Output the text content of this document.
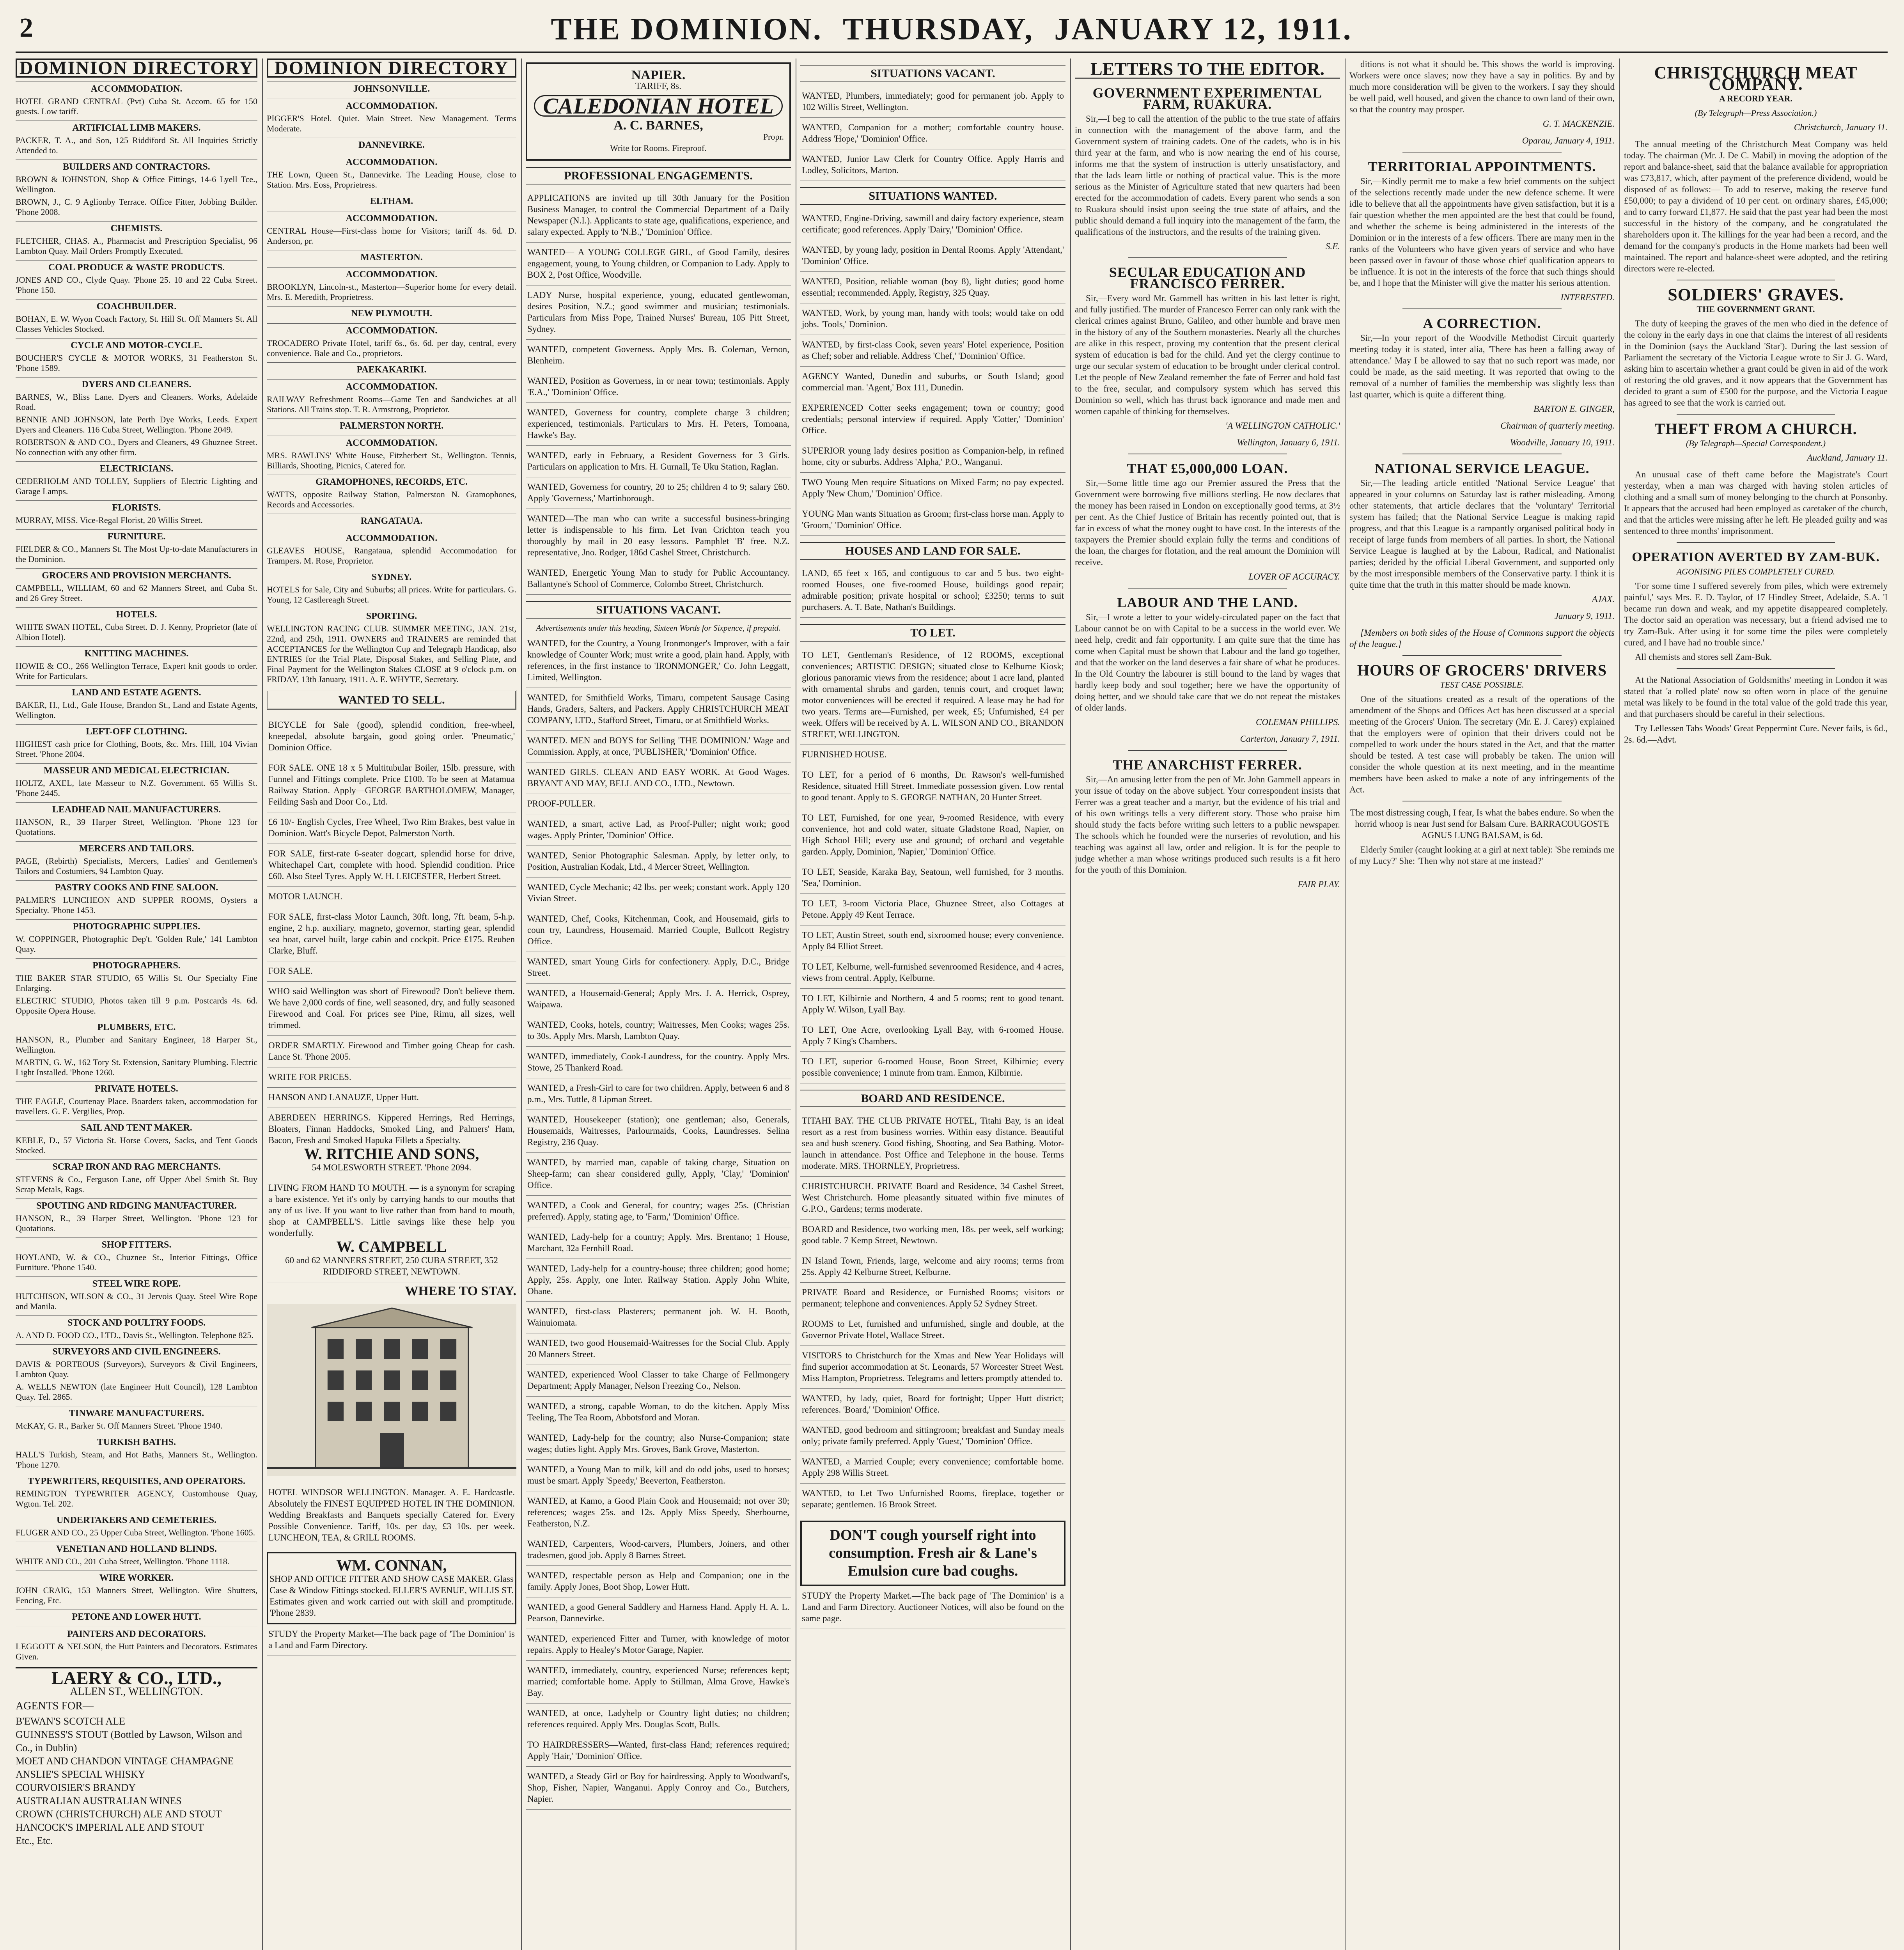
2	THE DOMINION. THURSDAY, JANUARY 12, 1911.
DOMINION DIRECTORY
ACCOMMODATION.
HOTEL GRAND CENTRAL (Pvt) Cuba St. Accom. 65 for 150 guests. Low tariff.
ARTIFICIAL LIMB MAKERS.
PACKER, T. A., and Son, 125 Riddiford St. All Inquiries Strictly Attended to.
BUILDERS AND CONTRACTORS.
BROWN & JOHNSTON, Shop & Office Fittings, 14-6 Lyell Tce., Wellington.
BROWN, J., C. 9 Aglionby Terrace. Office Fitter, Jobbing Builder. 'Phone 2008.
CHEMISTS.
FLETCHER, CHAS. A., Pharmacist and Prescription Specialist, 96 Lambton Quay. Mail Orders Promptly Executed.
COAL PRODUCE & WASTE PRODUCTS.
JONES AND CO., Clyde Quay. 'Phone 25. 10 and 22 Cuba Street. 'Phone 150.
COACHBUILDER.
BOHAN, E. W. Wyon Coach Factory, St. Hill St. Off Manners St. All Classes Vehicles Stocked.
CYCLE AND MOTOR-CYCLE.
BOUCHER'S CYCLE & MOTOR WORKS, 31 Featherston St. 'Phone 1589.
DYERS AND CLEANERS.
BARNES, W., Bliss Lane. Dyers and Cleaners. Works, Adelaide Road.
BENNIE AND JOHNSON, late Perth Dye Works, Leeds. Expert Dyers and Cleaners. 116 Cuba Street, Wellington. 'Phone 2049.
ROBERTSON & AND CO., Dyers and Cleaners, 49 Ghuznee Street. No connection with any other firm.
ELECTRICIANS.
CEDERHOLM AND TOLLEY, Suppliers of Electric Lighting and Garage Lamps.
FLORISTS.
MURRAY, MISS. Vice-Regal Florist, 20 Willis Street.
FURNITURE.
FIELDER & CO., Manners St. The Most Up-to-date Manufacturers in the Dominion.
GROCERS AND PROVISION MERCHANTS.
CAMPBELL, WILLIAM, 60 and 62 Manners Street, and Cuba St. and 26 Grey Street.
HOTELS.
WHITE SWAN HOTEL, Cuba Street. D. J. Kenny, Proprietor (late of Albion Hotel).
KNITTING MACHINES.
HOWIE & CO., 266 Wellington Terrace, Expert knit goods to order. Write for Particulars.
LAND AND ESTATE AGENTS.
BAKER, H., Ltd., Gale House, Brandon St., Land and Estate Agents, Wellington.
LEFT-OFF CLOTHING.
HIGHEST cash price for Clothing, Boots, &c. Mrs. Hill, 104 Vivian Street. 'Phone 2004.
MASSEUR AND MEDICAL ELECTRICIAN.
HOLTZ, AXEL, late Masseur to N.Z. Government. 65 Willis St. 'Phone 2445.
LEADHEAD NAIL MANUFACTURERS.
HANSON, R., 39 Harper Street, Wellington. 'Phone 123 for Quotations.
MERCERS AND TAILORS.
PAGE, (Rebirth) Specialists, Mercers, Ladies' and Gentlemen's Tailors and Costumiers, 94 Lambton Quay.
PASTRY COOKS AND FINE SALOON.
PALMER'S LUNCHEON AND SUPPER ROOMS, Oysters a Specialty. 'Phone 1453.
PHOTOGRAPHIC SUPPLIES.
W. COPPINGER, Photographic Dep't. 'Golden Rule,' 141 Lambton Quay.
PHOTOGRAPHERS.
THE BAKER STAR STUDIO, 65 Willis St. Our Specialty Fine Enlarging.
ELECTRIC STUDIO, Photos taken till 9 p.m. Postcards 4s. 6d. Opposite Opera House.
PLUMBERS, ETC.
HANSON, R., Plumber and Sanitary Engineer, 18 Harper St., Wellington.
MARTIN, G. W., 162 Tory St. Extension, Sanitary Plumbing. Electric Light Installed. 'Phone 1260.
PRIVATE HOTELS.
THE EAGLE, Courtenay Place. Boarders taken, accommodation for travellers. G. E. Vergilies, Prop.
SAIL AND TENT MAKER.
KEBLE, D., 57 Victoria St. Horse Covers, Sacks, and Tent Goods Stocked.
SCRAP IRON AND RAG MERCHANTS.
STEVENS & Co., Ferguson Lane, off Upper Abel Smith St. Buy Scrap Metals, Rags.
SPOUTING AND RIDGING MANUFACTURER.
HANSON, R., 39 Harper Street, Wellington. 'Phone 123 for Quotations.
SHOP FITTERS.
HOYLAND, W. & CO., Chuznee St., Interior Fittings, Office Furniture. 'Phone 1540.
STEEL WIRE ROPE.
HUTCHISON, WILSON & CO., 31 Jervois Quay. Steel Wire Rope and Manila.
STOCK AND POULTRY FOODS.
A. AND D. FOOD CO., LTD., Davis St., Wellington. Telephone 825.
SURVEYORS AND CIVIL ENGINEERS.
DAVIS & PORTEOUS (Surveyors), Surveyors & Civil Engineers, Lambton Quay.
A. WELLS NEWTON (late Engineer Hutt Council), 128 Lambton Quay. Tel. 2865.
TINWARE MANUFACTURERS.
McKAY, G. R., Barker St. Off Manners Street. 'Phone 1940.
TURKISH BATHS.
HALL'S Turkish, Steam, and Hot Baths, Manners St., Wellington. 'Phone 1270.
TYPEWRITERS, REQUISITES, AND OPERATORS.
REMINGTON TYPEWRITER AGENCY, Customhouse Quay, Wgton. Tel. 202.
UNDERTAKERS AND CEMETERIES.
FLUGER AND CO., 25 Upper Cuba Street, Wellington. 'Phone 1605.
VENETIAN AND HOLLAND BLINDS.
WHITE AND CO., 201 Cuba Street, Wellington. 'Phone 1118.
WIRE WORKER.
JOHN CRAIG, 153 Manners Street, Wellington. Wire Shutters, Fencing, Etc.
PETONE AND LOWER HUTT.
PAINTERS AND DECORATORS.
LEGGOTT & NELSON, the Hutt Painters and Decorators. Estimates Given.
LAERY & CO., LTD.,
ALLEN ST., WELLINGTON.
AGENTS FOR—
B'EWAN'S SCOTCH ALE
GUINNESS'S STOUT (Bottled by Lawson, Wilson and Co., in Dublin)
MOET AND CHANDON VINTAGE CHAMPAGNE
ANSLIE'S SPECIAL WHISKY
COURVOISIER'S BRANDY
AUSTRALIAN AUSTRALIAN WINES
CROWN (CHRISTCHURCH) ALE AND STOUT
HANCOCK'S IMPERIAL ALE AND STOUT
Etc., Etc.
DOMINION DIRECTORY
JOHNSONVILLE.
ACCOMMODATION.
PIGGER'S Hotel. Quiet. Main Street. New Management. Terms Moderate.
DANNEVIRKE.
ACCOMMODATION.
THE Lown, Queen St., Dannevirke. The Leading House, close to Station. Mrs. Eoss, Proprietress.
ELTHAM.
ACCOMMODATION.
CENTRAL House—First-class home for Visitors; tariff 4s. 6d. D. Anderson, pr.
MASTERTON.
ACCOMMODATION.
BROOKLYN, Lincoln-st., Masterton—Superior home for every detail. Mrs. E. Meredith, Proprietress.
NEW PLYMOUTH.
ACCOMMODATION.
TROCADERO Private Hotel, tariff 6s., 6s. 6d. per day, central, every convenience. Bale and Co., proprietors.
PAEKAKARIKI.
ACCOMMODATION.
RAILWAY Refreshment Rooms—Game Ten and Sandwiches at all Stations. All Trains stop. T. R. Armstrong, Proprietor.
PALMERSTON NORTH.
ACCOMMODATION.
MRS. RAWLINS' White House, Fitzherbert St., Wellington. Tennis, Billiards, Shooting, Picnics, Catered for.
GRAMOPHONES, RECORDS, ETC.
WATTS, opposite Railway Station, Palmerston N. Gramophones, Records and Accessories.
RANGATAUA.
ACCOMMODATION.
GLEAVES HOUSE, Rangataua, splendid Accommodation for Trampers. M. Rose, Proprietor.
SYDNEY.
HOTELS for Sale, City and Suburbs; all prices. Write for particulars. G. Young, 12 Castlereagh Street.
SPORTING.
WELLINGTON RACING CLUB. SUMMER MEETING, JAN. 21st, 22nd, and 25th, 1911. OWNERS and TRAINERS are reminded that ACCEPTANCES for the Wellington Cup and Telegraph Handicap, also ENTRIES for the Trial Plate, Disposal Stakes, and Selling Plate, and Final Payment for the Wellington Stakes CLOSE at 9 o'clock p.m. on FRIDAY, 13th January, 1911. A. E. WHYTE, Secretary.
WANTED TO SELL.
BICYCLE for Sale (good), splendid condition, free-wheel, kneepedal, absolute bargain, good going order. 'Pneumatic,' Dominion Office.
FOR SALE. ONE 18 x 5 Multitubular Boiler, 15lb. pressure, with Funnel and Fittings complete. Price £100. To be seen at Matamua Railway Station. Apply—GEORGE BARTHOLOMEW, Manager, Feilding Sash and Door Co., Ltd.
£6 10/- English Cycles, Free Wheel, Two Rim Brakes, best value in Dominion. Watt's Bicycle Depot, Palmerston North.
FOR SALE, first-rate 6-seater dogcart, splendid horse for drive, Whitechapel Cart, complete with hood. Splendid condition. Price £60. Also Steel Tyres. Apply W. H. LEICESTER, Herbert Street.
MOTOR LAUNCH.
FOR SALE, first-class Motor Launch, 30ft. long, 7ft. beam, 5-h.p. engine, 2 h.p. auxiliary, magneto, governor, starting gear, splendid sea boat, carvel built, large cabin and cockpit. Price £175. Reuben Clarke, Bluff.
FOR SALE.
WHO said Wellington was short of Firewood? Don't believe them. We have 2,000 cords of fine, well seasoned, dry, and fully seasoned Firewood and Coal. For prices see Pine, Rimu, all sizes, well trimmed.
ORDER SMARTLY. Firewood and Timber going Cheap for cash. Lance St. 'Phone 2005.
WRITE FOR PRICES.
HANSON AND LANAUZE, Upper Hutt.
ABERDEEN HERRINGS. Kippered Herrings, Red Herrings, Bloaters, Finnan Haddocks, Smoked Ling, and Palmers' Ham, Bacon, Fresh and Smoked Hapuka Fillets a Specialty.
W. RITCHIE AND SONS,
54 MOLESWORTH STREET. 'Phone 2094.
LIVING FROM HAND TO MOUTH. — is a synonym for scraping a bare existence. Yet it's only by carrying hands to our mouths that any of us live. If you want to live rather than from hand to mouth, shop at CAMPBELL'S. Little savings like these help you wonderfully.
W. CAMPBELL
60 and 62 MANNERS STREET, 250 CUBA STREET, 352 RIDDIFORD STREET, NEWTOWN.
WHERE TO STAY.
HOTEL WINDSOR WELLINGTON. Manager. A. E. Hardcastle. Absolutely the FINEST EQUIPPED HOTEL IN THE DOMINION. Wedding Breakfasts and Banquets specially Catered for. Every Possible Convenience. Tariff, 10s. per day, £3 10s. per week. LUNCHEON, TEA, & GRILL ROOMS.
WM. CONNAN,
SHOP AND OFFICE FITTER AND SHOW CASE MAKER. Glass Case & Window Fittings stocked. ELLER'S AVENUE, WILLIS ST. Estimates given and work carried out with skill and promptitude. 'Phone 2839.
STUDY the Property Market—The back page of 'The Dominion' is a Land and Farm Directory.
NAPIER.
TARIFF, 8s.
CALEDONIAN HOTEL
A. C. BARNES,
Propr.
Write for Rooms. Fireproof.
PROFESSIONAL ENGAGEMENTS.
APPLICATIONS are invited up till 30th January for the Position Business Manager, to control the Commercial Department of a Daily Newspaper (N.I.). Applicants to state age, qualifications, experience, and salary expected. Apply to 'N.B.,' 'Dominion' Office.
WANTED— A YOUNG COLLEGE GIRL, of Good Family, desires engagement, young, to Young children, or Companion to Lady. Apply to BOX 2, Post Office, Woodville.
LADY Nurse, hospital experience, young, educated gentlewoman, desires Position, N.Z.; good swimmer and musician; testimonials. Particulars from Miss Pope, Trained Nurses' Bureau, 105 Pitt Street, Sydney.
WANTED, competent Governess. Apply Mrs. B. Coleman, Vernon, Blenheim.
WANTED, Position as Governess, in or near town; testimonials. Apply 'E.A.,' 'Dominion' Office.
WANTED, Governess for country, complete charge 3 children; experienced, testimonials. Particulars to Mrs. H. Peters, Tomoana, Hawke's Bay.
WANTED, early in February, a Resident Governess for 3 Girls. Particulars on application to Mrs. H. Gurnall, Te Uku Station, Raglan.
WANTED, Governess for country, 20 to 25; children 4 to 9; salary £60. Apply 'Governess,' Martinborough.
WANTED—The man who can write a successful business-bringing letter is indispensable to his firm. Let Ivan Crichton teach you thoroughly by mail in 20 easy lessons. Pamphlet 'B' free. N.Z. representative, Jno. Rodger, 186d Cashel Street, Christchurch.
WANTED, Energetic Young Man to study for Public Accountancy. Ballantyne's School of Commerce, Colombo Street, Christchurch.
SITUATIONS VACANT.
Advertisements under this heading, Sixteen Words for Sixpence, if prepaid.
WANTED, for the Country, a Young Ironmonger's Improver, with a fair knowledge of Counter Work; must write a good, plain hand. Apply, with references, in the first instance to 'IRONMONGER,' Co. John Leggatt, Limited, Wellington.
WANTED, for Smithfield Works, Timaru, competent Sausage Casing Hands, Graders, Salters, and Packers. Apply CHRISTCHURCH MEAT COMPANY, LTD., Stafford Street, Timaru, or at Smithfield Works.
WANTED. MEN and BOYS for Selling 'THE DOMINION.' Wage and Commission. Apply, at once, 'PUBLISHER,' 'Dominion' Office.
WANTED GIRLS. CLEAN AND EASY WORK. At Good Wages. BRYANT AND MAY, BELL AND CO., LTD., Newtown.
PROOF-PULLER.
WANTED, a smart, active Lad, as Proof-Puller; night work; good wages. Apply Printer, 'Dominion' Office.
WANTED, Senior Photographic Salesman. Apply, by letter only, to Position, Australian Kodak, Ltd., 4 Mercer Street, Wellington.
WANTED, Cycle Mechanic; 42 lbs. per week; constant work. Apply 120 Vivian Street.
WANTED, Chef, Cooks, Kitchenman, Cook, and Housemaid, girls to coun try, Laundress, Housemaid. Married Couple, Bullcott Registry Office.
WANTED, smart Young Girls for confectionery. Apply, D.C., Bridge Street.
WANTED, a Housemaid-General; Apply Mrs. J. A. Herrick, Osprey, Waipawa.
WANTED, Cooks, hotels, country; Waitresses, Men Cooks; wages 25s. to 30s. Apply Mrs. Marsh, Lambton Quay.
WANTED, immediately, Cook-Laundress, for the country. Apply Mrs. Stowe, 25 Thankerd Road.
WANTED, a Fresh-Girl to care for two children. Apply, between 6 and 8 p.m., Mrs. Tuttle, 8 Lipman Street.
WANTED, Housekeeper (station); one gentleman; also, Generals, Housemaids, Waitresses, Parlourmaids, Cooks, Laundresses. Selina Registry, 236 Quay.
WANTED, by married man, capable of taking charge, Situation on Sheep-farm; can shear considered gully, Apply, 'Clay,' 'Dominion' Office.
WANTED, a Cook and General, for country; wages 25s. (Christian preferred). Apply, stating age, to 'Farm,' 'Dominion' Office.
WANTED, Lady-help for a country; Apply. Mrs. Brentano; 1 House, Marchant, 32a Fernhill Road.
WANTED, Lady-help for a country-house; three children; good home; Apply, 25s. Apply, one Inter. Railway Station. Apply John White, Ohane.
WANTED, first-class Plasterers; permanent job. W. H. Booth, Wainuiomata.
WANTED, two good Housemaid-Waitresses for the Social Club. Apply 20 Manners Street.
WANTED, experienced Wool Classer to take Charge of Fellmongery Department; Apply Manager, Nelson Freezing Co., Nelson.
WANTED, a strong, capable Woman, to do the kitchen. Apply Miss Teeling, The Tea Room, Abbotsford and Moran.
WANTED, Lady-help for the country; also Nurse-Companion; state wages; duties light. Apply Mrs. Groves, Bank Grove, Masterton.
WANTED, a Young Man to milk, kill and do odd jobs, used to horses; must be smart. Apply 'Speedy,' Beeverton, Featherston.
WANTED, at Kamo, a Good Plain Cook and Housemaid; not over 30; references; wages 25s. and 12s. Apply Miss Speedy, Sherbourne, Featherston, N.Z.
WANTED, Carpenters, Wood-carvers, Plumbers, Joiners, and other tradesmen, good job. Apply 8 Barnes Street.
WANTED, respectable person as Help and Companion; one in the family. Apply Jones, Boot Shop, Lower Hutt.
WANTED, a good General Saddlery and Harness Hand. Apply H. A. L. Pearson, Dannevirke.
WANTED, experienced Fitter and Turner, with knowledge of motor repairs. Apply to Healey's Motor Garage, Napier.
WANTED, immediately, country, experienced Nurse; references kept; married; comfortable home. Apply to Stillman, Alma Grove, Hawke's Bay.
WANTED, at once, Ladyhelp or Country light duties; no children; references required. Apply Mrs. Douglas Scott, Bulls.
TO HAIRDRESSERS—Wanted, first-class Hand; references required; Apply 'Hair,' 'Dominion' Office.
WANTED, a Steady Girl or Boy for hairdressing. Apply to Woodward's, Shop, Fisher, Napier, Wanganui. Apply Conroy and Co., Butchers, Napier.
SITUATIONS VACANT.
WANTED, Plumbers, immediately; good for permanent job. Apply to 102 Willis Street, Wellington.
WANTED, Companion for a mother; comfortable country house. Address 'Hope,' 'Dominion' Office.
WANTED, Junior Law Clerk for Country Office. Apply Harris and Lodley, Solicitors, Marton.
SITUATIONS WANTED.
WANTED, Engine-Driving, sawmill and dairy factory experience, steam certificate; good references. Apply 'Dairy,' 'Dominion' Office.
WANTED, by young lady, position in Dental Rooms. Apply 'Attendant,' 'Dominion' Office.
WANTED, Position, reliable woman (boy 8), light duties; good home essential; recommended. Apply, Registry, 325 Quay.
WANTED, Work, by young man, handy with tools; would take on odd jobs. 'Tools,' Dominion.
WANTED, by first-class Cook, seven years' Hotel experience, Position as Chef; sober and reliable. Address 'Chef,' 'Dominion' Office.
AGENCY Wanted, Dunedin and suburbs, or South Island; good commercial man. 'Agent,' Box 111, Dunedin.
EXPERIENCED Cotter seeks engagement; town or country; good credentials; personal interview if required. Apply 'Cotter,' 'Dominion' Office.
SUPERIOR young lady desires position as Companion-help, in refined home, city or suburbs. Address 'Alpha,' P.O., Wanganui.
TWO Young Men require Situations on Mixed Farm; no pay expected. Apply 'New Chum,' 'Dominion' Office.
YOUNG Man wants Situation as Groom; first-class horse man. Apply to 'Groom,' 'Dominion' Office.
HOUSES AND LAND FOR SALE.
LAND, 65 feet x 165, and contiguous to car and 5 bus. two eight-roomed Houses, one five-roomed House, buildings good repair; admirable position; private hospital or school; £3250; terms to suit purchasers. A. T. Bate, Nathan's Buildings.
TO LET.
TO LET, Gentleman's Residence, of 12 ROOMS, exceptional conveniences; ARTISTIC DESIGN; situated close to Kelburne Kiosk; glorious panoramic views from the residence; about 1 acre land, planted with ornamental shrubs and garden, tennis court, and croquet lawn; motor conveniences will be erected if required. A lease may be had for two years. Terms are—Furnished, per week, £5; Unfurnished, £4 per week. Offers will be received by A. L. WILSON AND CO., BRANDON STREET, WELLINGTON.
FURNISHED HOUSE.
TO LET, for a period of 6 months, Dr. Rawson's well-furnished Residence, situated Hill Street. Immediate possession given. Low rental to good tenant. Apply to S. GEORGE NATHAN, 20 Hunter Street.
TO LET, Furnished, for one year, 9-roomed Residence, with every convenience, hot and cold water, situate Gladstone Road, Napier, on High School Hill; every use and ground; of orchard and vegetable garden. Apply, Dominion, 'Napier,' 'Dominion' Office.
TO LET, Seaside, Karaka Bay, Seatoun, well furnished, for 3 months. 'Sea,' Dominion.
TO LET, 3-room Victoria Place, Ghuznee Street, also Cottages at Petone. Apply 49 Kent Terrace.
TO LET, Austin Street, south end, sixroomed house; every convenience. Apply 84 Elliot Street.
TO LET, Kelburne, well-furnished sevenroomed Residence, and 4 acres, views from central. Apply, Kelburne.
TO LET, Kilbirnie and Northern, 4 and 5 rooms; rent to good tenant. Apply W. Wilson, Lyall Bay.
TO LET, One Acre, overlooking Lyall Bay, with 6-roomed House. Apply 7 King's Chambers.
TO LET, superior 6-roomed House, Boon Street, Kilbirnie; every possible convenience; 1 minute from tram. Enmon, Kilbirnie.
BOARD AND RESIDENCE.
TITAHI BAY. THE CLUB PRIVATE HOTEL, Titahi Bay, is an ideal resort as a rest from business worries. Within easy distance. Beautiful sea and bush scenery. Good fishing, Shooting, and Sea Bathing. Motor-launch in attendance. Post Office and Telephone in the house. Terms moderate. MRS. THORNLEY, Proprietress.
CHRISTCHURCH. PRIVATE Board and Residence, 34 Cashel Street, West Christchurch. Home pleasantly situated within five minutes of G.P.O., Gardens; terms moderate.
BOARD and Residence, two working men, 18s. per week, self working; good table. 7 Kemp Street, Newtown.
IN Island Town, Friends, large, welcome and airy rooms; terms from 25s. Apply 42 Kelburne Street, Kelburne.
PRIVATE Board and Residence, or Furnished Rooms; visitors or permanent; telephone and conveniences. Apply 52 Sydney Street.
ROOMS to Let, furnished and unfurnished, single and double, at the Governor Private Hotel, Wallace Street.
VISITORS to Christchurch for the Xmas and New Year Holidays will find superior accommodation at St. Leonards, 57 Worcester Street West. Miss Hampton, Proprietress. Telegrams and letters promptly attended to.
WANTED, by lady, quiet, Board for fortnight; Upper Hutt district; references. 'Board,' 'Dominion' Office.
WANTED, good bedroom and sittingroom; breakfast and Sunday meals only; private family preferred. Apply 'Guest,' 'Dominion' Office.
WANTED, a Married Couple; every convenience; comfortable home. Apply 298 Willis Street.
WANTED, to Let Two Unfurnished Rooms, fireplace, together or separate; gentlemen. 16 Brook Street.
DON'T cough yourself right into consumption. Fresh air & Lane's Emulsion cure bad coughs.
STUDY the Property Market.—The back page of 'The Dominion' is a Land and Farm Directory. Auctioneer Notices, will also be found on the same page.
LETTERS TO THE EDITOR.
GOVERNMENT EXPERIMENTAL FARM, RUAKURA.

Sir,—I beg to call the attention of the public to the true state of affairs in connection with the management of the above farm, and the Government system of training cadets. One of the cadets, who is in his third year at the farm, and who is now nearing the end of his course, informs me that the system of instruction is utterly unsatisfactory, and that the lads learn little or nothing of practical value. This is the more serious as the Minister of Agriculture stated that new quarters had been erected for the accommodation of cadets. Every parent who sends a son to Ruakura should insist upon seeing the true state of affairs, and the public should demand a full inquiry into the management of the farm, the qualifications of the instructors, and the results of the training given.

S.E.
SECULAR EDUCATION AND FRANCISCO FERRER.

Sir,—Every word Mr. Gammell has written in his last letter is right, and fully justified. The murder of Francesco Ferrer can only rank with the clerical crimes against Bruno, Galileo, and other humble and brave men in the history of any of the Southern monasteries. Nearly all the churches are alike in this respect, proving my contention that the present clerical system of education is bad for the child. And yet the clergy continue to urge our secular system of education to be brought under clerical control. Let the people of New Zealand remember the fate of Ferrer and hold fast to the free, secular, and compulsory system which has served this Dominion so well, which has thrust back ignorance and made men and women capable of thinking for themselves.

'A WELLINGTON CATHOLIC.'
Wellington, January 6, 1911.
THAT £5,000,000 LOAN.

Sir,—Some little time ago our Premier assured the Press that the Government were borrowing five millions sterling. He now declares that the money has been raised in London on exceptionally good terms, at 3½ per cent. As the Chief Justice of Britain has recently pointed out, that is far in excess of what the money ought to have cost. In the interests of the taxpayers the Premier should explain fully the terms and conditions of the loan, the charges for flotation, and the real amount the Dominion will receive.

LOVER OF ACCURACY.
LABOUR AND THE LAND.

Sir,—I wrote a letter to your widely-circulated paper on the fact that Labour cannot be on with Capital to be a success in the world ever. We need help, credit and fair opportunity. I am quite sure that the time has come when Capital must be shown that Labour and the land go together, and that the worker on the land deserves a fair share of what he produces. In the Old Country the labourer is still bound to the land by wages that hardly keep body and soul together; here we have the opportunity of doing better, and we should take care that we do not repeat the mistakes of older lands.

COLEMAN PHILLIPS.
Carterton, January 7, 1911.
THE ANARCHIST FERRER.

Sir,—An amusing letter from the pen of Mr. John Gammell appears in your issue of today on the above subject. Your correspondent insists that Ferrer was a great teacher and a martyr, but the evidence of his trial and of his own writings tells a very different story. Those who praise him should study the facts before writing such letters to a public newspaper. The schools which he founded were the nurseries of revolution, and his teaching was against all law, order and religion. It is for the people to judge whether a man whose writings produced such results is a fit hero for the youth of this Dominion.

FAIR PLAY.

ditions is not what it should be. This shows the world is improving. Workers were once slaves; now they have a say in politics. By and by much more consideration will be given to the workers. I say they should be well paid, well housed, and given the chance to own land of their own, so that the country may prosper.

G. T. MACKENZIE.
Oparau, January 4, 1911.
TERRITORIAL APPOINTMENTS.

Sir,—Kindly permit me to make a few brief comments on the subject of the selections recently made under the new defence scheme. It were idle to believe that all the appointments have given satisfaction, but it is a fair question whether the men appointed are the best that could be found, and whether the scheme is being administered in the interests of the Dominion or in the interests of a few officers. There are many men in the ranks of the Volunteers who have given years of service and who have been passed over in favour of those whose chief qualification appears to be influence. It is not in the interests of the force that such things should be, and I hope that the Minister will give the matter his serious attention.

INTERESTED.
A CORRECTION.

Sir,—In your report of the Woodville Methodist Circuit quarterly meeting today it is stated, inter alia, 'There has been a falling away of attendance.' May I be allowed to say that no such report was made, nor could be made, as the said meeting. It was reported that owing to the removal of a number of families the membership was slightly less than last quarter, which is quite a different thing.

BARTON E. GINGER,
Chairman of quarterly meeting.
Woodville, January 10, 1911.
NATIONAL SERVICE LEAGUE.

Sir,—The leading article entitled 'National Service League' that appeared in your columns on Saturday last is rather misleading. Among other statements, that article declares that the 'voluntary' Territorial system has failed; that the National Service League is making rapid progress, and that this League is a rampantly organised political body in receipt of large funds from members of all parties. In short, the National Service League is laughed at by the Labour, Radical, and Nationalist parties; derided by the official Liberal Government, and supported only by the most irresponsible members of the Conservative party. I think it is quite time that the truth in this matter should be made known.

AJAX.
January 9, 1911.

[Members on both sides of the House of Commons support the objects of the league.]

HOURS OF GROCERS' DRIVERS
TEST CASE POSSIBLE.

One of the situations created as a result of the operations of the amendment of the Shops and Offices Act has been discussed at a special meeting of the Grocers' Union. The secretary (Mr. E. J. Carey) explained that the employers were of opinion that their drivers could not be compelled to work under the hours stated in the Act, and that the matter should be tested. A test case will probably be taken. The union will consider the whole question at its next meeting, and in the meantime members have been asked to make a note of any infringements of the Act.

The most distressing cough, I fear, Is what the babes endure. So when the horrid whoop is near Just send for Balsam Cure. BARRACOUGOSTE AGNUS LUNG BALSAM, is 6d.

Elderly Smiler (caught looking at a girl at next table): 'She reminds me of my Lucy?' She: 'Then why not stare at me instead?'

CHRISTCHURCH MEAT COMPANY.
A RECORD YEAR.
(By Telegraph—Press Association.)
Christchurch, January 11.

The annual meeting of the Christchurch Meat Company was held today. The chairman (Mr. J. De C. Mabil) in moving the adoption of the report and balance-sheet, said that the balance available for appropriation was £73,817, which, after payment of the preference dividend, would be disposed of as follows:— To add to reserve, making the reserve fund £50,000; to pay a dividend of 10 per cent. on ordinary shares, £45,000; and to carry forward £1,877. He said that the past year had been the most successful in the history of the company, and he congratulated the shareholders upon it. The killings for the year had been a record, and the demand for the company's products in the Home markets had been well maintained. The report and balance-sheet were adopted, and the retiring directors were re-elected.

SOLDIERS' GRAVES.
THE GOVERNMENT GRANT.

The duty of keeping the graves of the men who died in the defence of the colony in the early days in one that claims the interest of all residents in the Dominion (says the Auckland 'Star'). During the last session of Parliament the secretary of the Victoria League wrote to Sir J. G. Ward, asking him to ascertain whether a grant could be given in aid of the work of restoring the old graves, and it now appears that the Government has decided to grant a sum of £500 for the purpose, and the Victoria League has agreed to see that the work is carried out.

THEFT FROM A CHURCH.
(By Telegraph—Special Correspondent.)
Auckland, January 11.

An unusual case of theft came before the Magistrate's Court yesterday, when a man was charged with having stolen articles of clothing and a small sum of money belonging to the church at Ponsonby. It appears that the accused had been employed as caretaker of the church, and that the articles were missing after he left. He pleaded guilty and was sentenced to three months' imprisonment.

OPERATION AVERTED BY ZAM-BUK.
AGONISING PILES COMPLETELY CURED.

'For some time I suffered severely from piles, which were extremely painful,' says Mrs. E. D. Taylor, of 17 Hindley Street, Adelaide, S.A. 'I became run down and weak, and my appetite disappeared completely. The doctor said an operation was necessary, but a friend advised me to try Zam-Buk. After using it for some time the piles were completely cured, and I have had no trouble since.'

All chemists and stores sell Zam-Buk.

At the National Association of Goldsmiths' meeting in London it was stated that 'a rolled plate' now so often worn in place of the genuine metal was likely to be found in the total value of the gold trade this year, and that purchasers should be careful in their selections.

Try Lellessen Tabs Woods' Great Peppermint Cure. Never fails, is 6d., 2s. 6d.—Advt.
